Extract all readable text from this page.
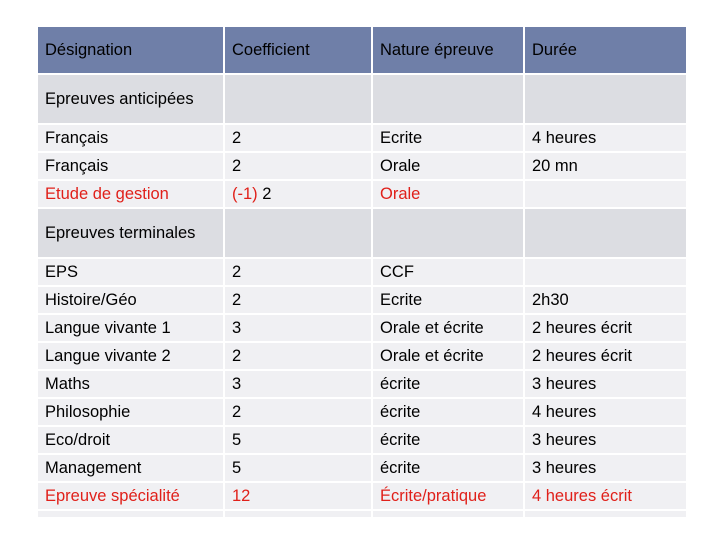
Désignation	Coefficient	Nature épreuve	Durée
Epreuves anticipées			
Français	2	Ecrite	4 heures
Français	2	Orale	20 mn
Etude de gestion	(-1) 2	Orale	
Epreuves terminales			
EPS	2	CCF	
Histoire/Géo	2	Ecrite	2h30
Langue vivante 1	3	Orale et écrite	2 heures écrit
Langue vivante 2	2	Orale et écrite	2 heures écrit
Maths	3	écrite	3 heures
Philosophie	2	écrite	4 heures
Eco/droit	5	écrite	3 heures
Management	5	écrite	3 heures
Epreuve spécialité	12	Écrite/pratique	4 heures écrit
